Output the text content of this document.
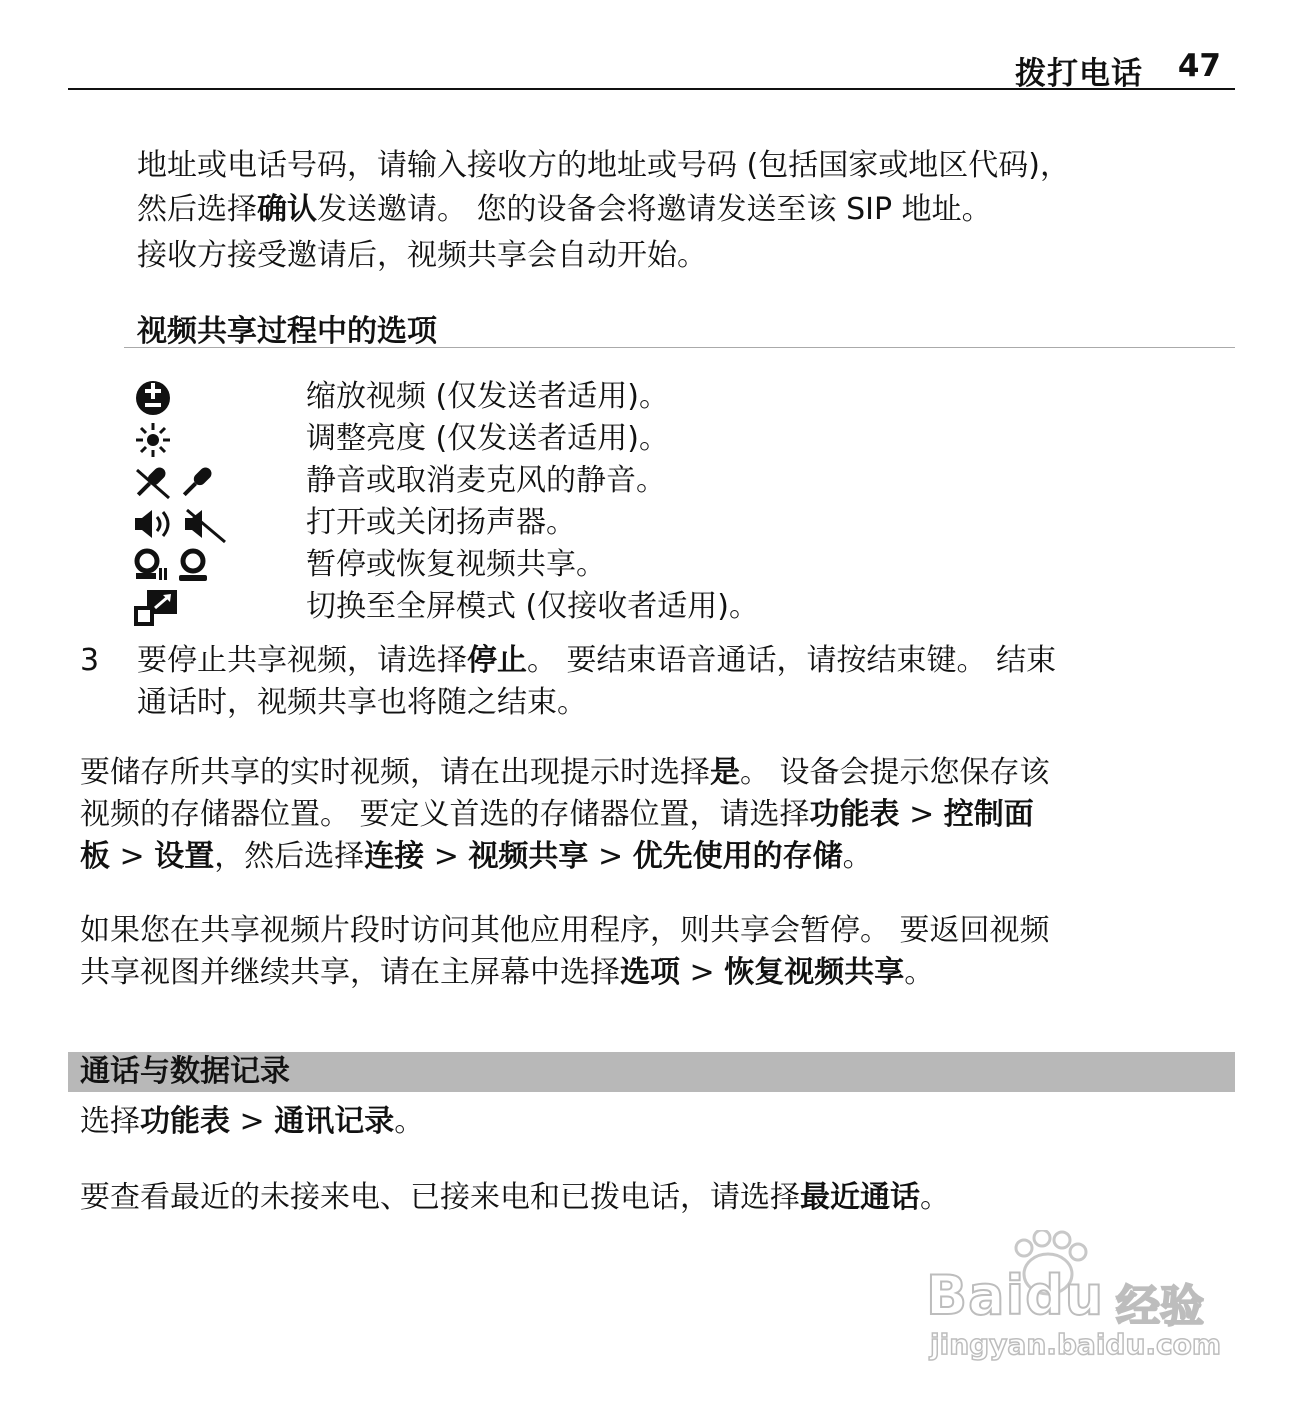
拨打电话 47
地址或电话号码，请输入接收方的地址或号码 (包括国家或地区代码)，
然后选择确认发送邀请。 您的设备会将邀请发送至该 SIP 地址。
接收方接受邀请后，视频共享会自动开始。
视频共享过程中的选项
缩放视频 (仅发送者适用)。
调整亮度 (仅发送者适用)。
静音或取消麦克风的静音。
打开或关闭扬声器。
暂停或恢复视频共享。
切换至全屏模式 (仅接收者适用)。
3 要停止共享视频，请选择停止。 要结束语音通话，请按结束键。 结束
通话时，视频共享也将随之结束。
要储存所共享的实时视频，请在出现提示时选择是。 设备会提示您保存该
视频的存储器位置。 要定义首选的存储器位置，请选择功能表 > 控制面
板 > 设置，然后选择连接 > 视频共享 > 优先使用的存储。
如果您在共享视频片段时访问其他应用程序，则共享会暂停。 要返回视频
共享视图并继续共享，请在主屏幕中选择选项 > 恢复视频共享。
通话与数据记录
选择功能表 > 通讯记录。
要查看最近的未接来电、已接来电和已拨电话，请选择最近通话。
Baidu 经验
jingyan.baidu.com
